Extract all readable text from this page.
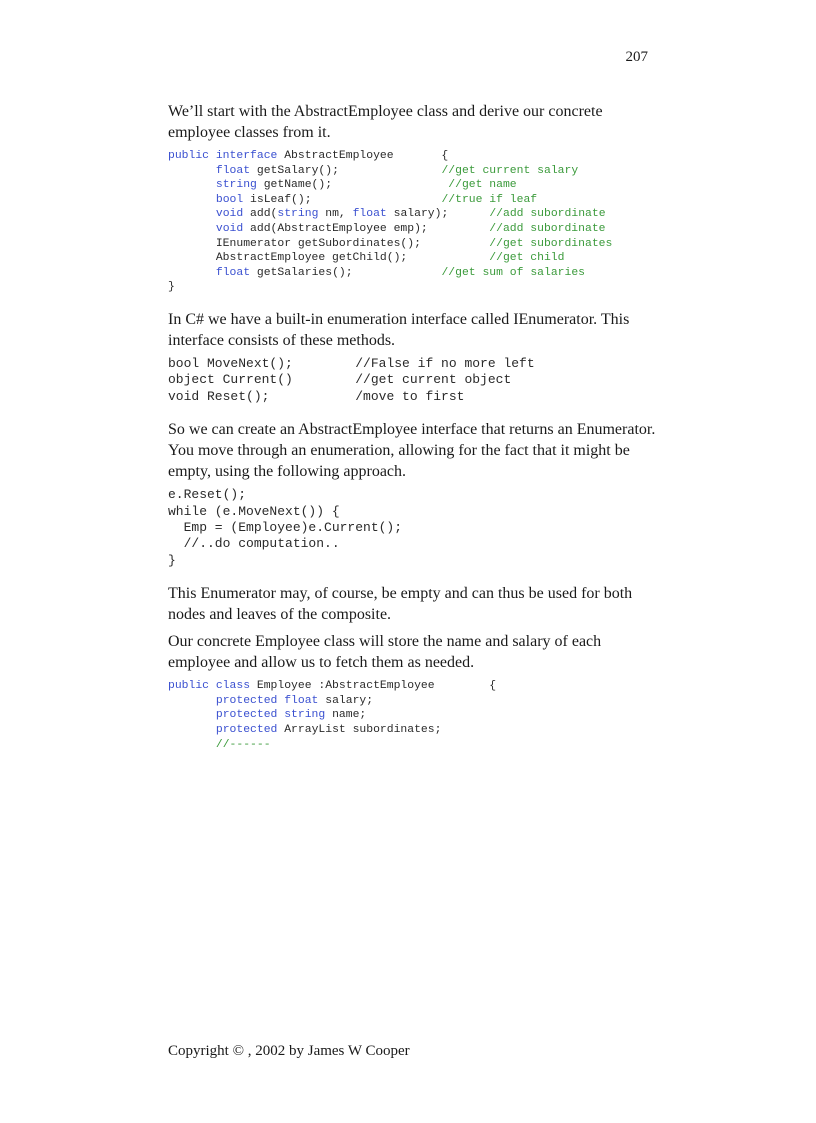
207

We’ll start with the AbstractEmployee class and derive our concrete employee classes from it.

public interface AbstractEmployee       {
float getSalary();               //get current salary
string getName();                 //get name
bool isLeaf();                   //true if leaf
void add(string nm, float salary);      //add subordinate
void add(AbstractEmployee emp);         //add subordinate
IEnumerator getSubordinates();          //get subordinates
AbstractEmployee getChild();            //get child
float getSalaries();             //get sum of salaries
}

In C# we have a built-in enumeration interface called IEnumerator. This interface consists of these methods.

bool MoveNext();        //False if no more left
object Current()        //get current object
void Reset();           /move to first

So we can create an AbstractEmployee interface that returns an Enumerator. You move through an enumeration, allowing for the fact that it might be empty, using the following approach.

e.Reset();
while (e.MoveNext()) {
Emp = (Employee)e.Current();
//..do computation..
}

This Enumerator may, of course, be empty and can thus be used for both nodes and leaves of the composite.

Our concrete Employee class will store the name and salary of each employee and allow us to fetch them as needed.

public class Employee :AbstractEmployee        {
protected float salary;
protected string name;
protected ArrayList subordinates;
//------
Copyright © , 2002 by James W Cooper
